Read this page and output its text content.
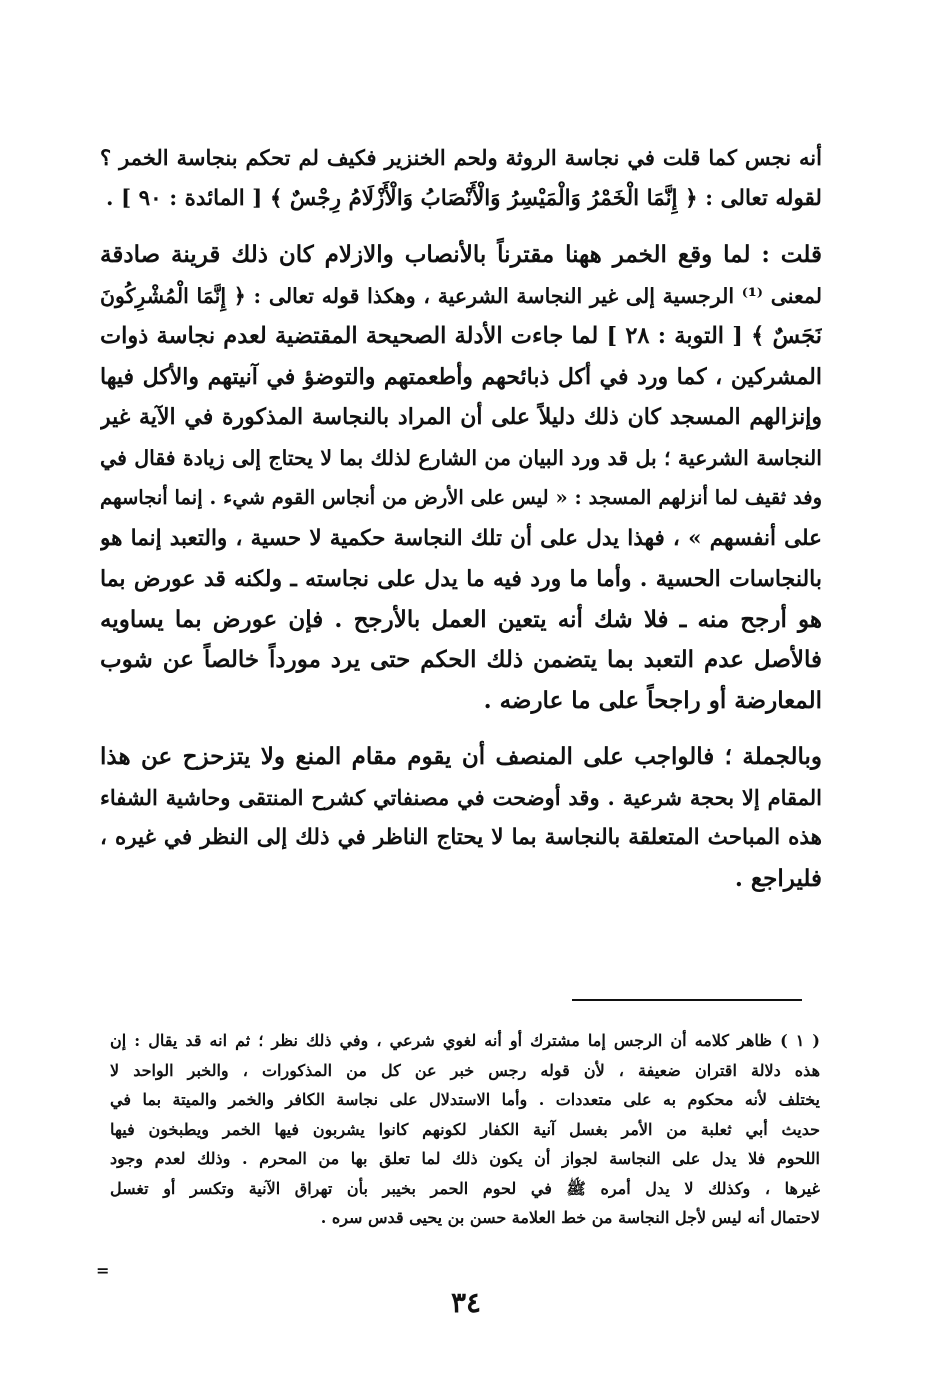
أنه نجس كما قلت في نجاسة الروثة ولحم الخنزير فكيف لم تحكم بنجاسة الخمر ؟
لقوله تعالى : ﴿ إِنَّمَا الْخَمْرُ وَالْمَيْسِرُ وَالْأَنْصَابُ وَالْأَزْلَامُ رِجْسٌ ﴾ [ المائدة : ٩٠ ] .
قلت : لما وقع الخمر ههنا مقترناً بالأنصاب والازلام كان ذلك قرينة صادقة
لمعنى ⁽¹⁾ الرجسية إلى غير النجاسة الشرعية ، وهكذا قوله تعالى : ﴿ إِنَّمَا الْمُشْرِكُونَ
نَجَسٌ ﴾ [ التوبة : ٢٨ ] لما جاءت الأدلة الصحيحة المقتضية لعدم نجاسة ذوات
المشركين ، كما ورد في أكل ذبائحهم وأطعمتهم والتوضؤ في آنيتهم والأكل فيها
وإنزالهم المسجد كان ذلك دليلاً على أن المراد بالنجاسة المذكورة في الآية غير
النجاسة الشرعية ؛ بل قد ورد البيان من الشارع لذلك بما لا يحتاج إلى زيادة فقال في
وفد ثقيف لما أنزلهم المسجد : « ليس على الأرض من أنجاس القوم شيء . إنما أنجاسهم
على أنفسهم » ، فهذا يدل على أن تلك النجاسة حكمية لا حسية ، والتعبد إنما هو
بالنجاسات الحسية . وأما ما ورد فيه ما يدل على نجاسته ـ ولكنه قد عورض بما
هو أرجح منه ـ فلا شك أنه يتعين العمل بالأرجح . فإن عورض بما يساويه
فالأصل عدم التعبد بما يتضمن ذلك الحكم حتى يرد مورداً خالصاً عن شوب
المعارضة أو راجحاً على ما عارضه .
وبالجملة ؛ فالواجب على المنصف أن يقوم مقام المنع ولا يتزحزح عن هذا
المقام إلا بحجة شرعية . وقد أوضحت في مصنفاتي كشرح المنتقى وحاشية الشفاء
هذه المباحث المتعلقة بالنجاسة بما لا يحتاج الناظر في ذلك إلى النظر في غيره ،
فليراجع .
( ١ ) ظاهر كلامه أن الرجس إما مشترك أو أنه لغوي شرعي ، وفي ذلك نظر ؛ ثم انه قد يقال : إن
هذه دلالة اقتران ضعيفة ، لأن قوله رجس خبر عن كل من المذكورات ، والخبر الواحد لا
يختلف لأنه محكوم به على متعددات . وأما الاستدلال على نجاسة الكافر والخمر والميتة بما في
حديث أبي ثعلبة من الأمر بغسل آنية الكفار لكونهم كانوا يشربون فيها الخمر ويطبخون فيها
اللحوم فلا يدل على النجاسة لجواز أن يكون ذلك لما تعلق بها من المحرم . وذلك لعدم وجود
غيرها ، وكذلك لا يدل أمره ﷺ في لحوم الحمر بخيبر بأن تهراق الآنية وتكسر أو تغسل
لاحتمال أنه ليس لأجل النجاسة من خط العلامة حسن بن يحيى قدس سره .
=
٣٤
